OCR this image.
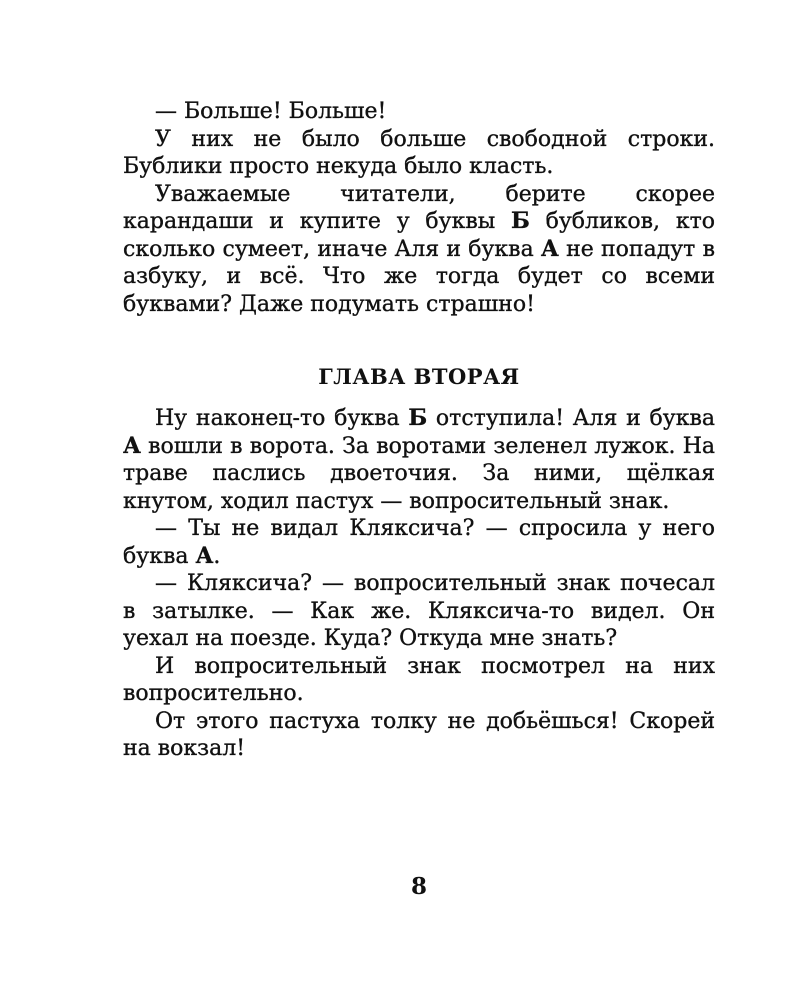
— Больше! Больше!

У них не было больше свободной строки. Бублики просто некуда было класть.

Уважаемые читатели, берите скорее карандаши и купите у буквы Б бубликов, кто сколько сумеет, иначе Аля и буква А не попадут в азбуку, и всё. Что же тогда будет со всеми буквами? Даже подумать страшно!

ГЛАВА ВТОРАЯ

Ну наконец-то буква Б отступила! Аля и буква А вошли в ворота. За воротами зеленел лужок. На траве паслись двоеточия. За ними, щёлкая кнутом, ходил пастух — вопросительный знак.

— Ты не видал Кляксича? — спросила у него буква А.

— Кляксича? — вопросительный знак почесал в затылке. — Как же. Кляксича-то видел. Он уехал на поезде. Куда? Откуда мне знать?

И вопросительный знак посмотрел на них вопросительно.

От этого пастуха толку не добьёшься! Скорей на вокзал!

8
